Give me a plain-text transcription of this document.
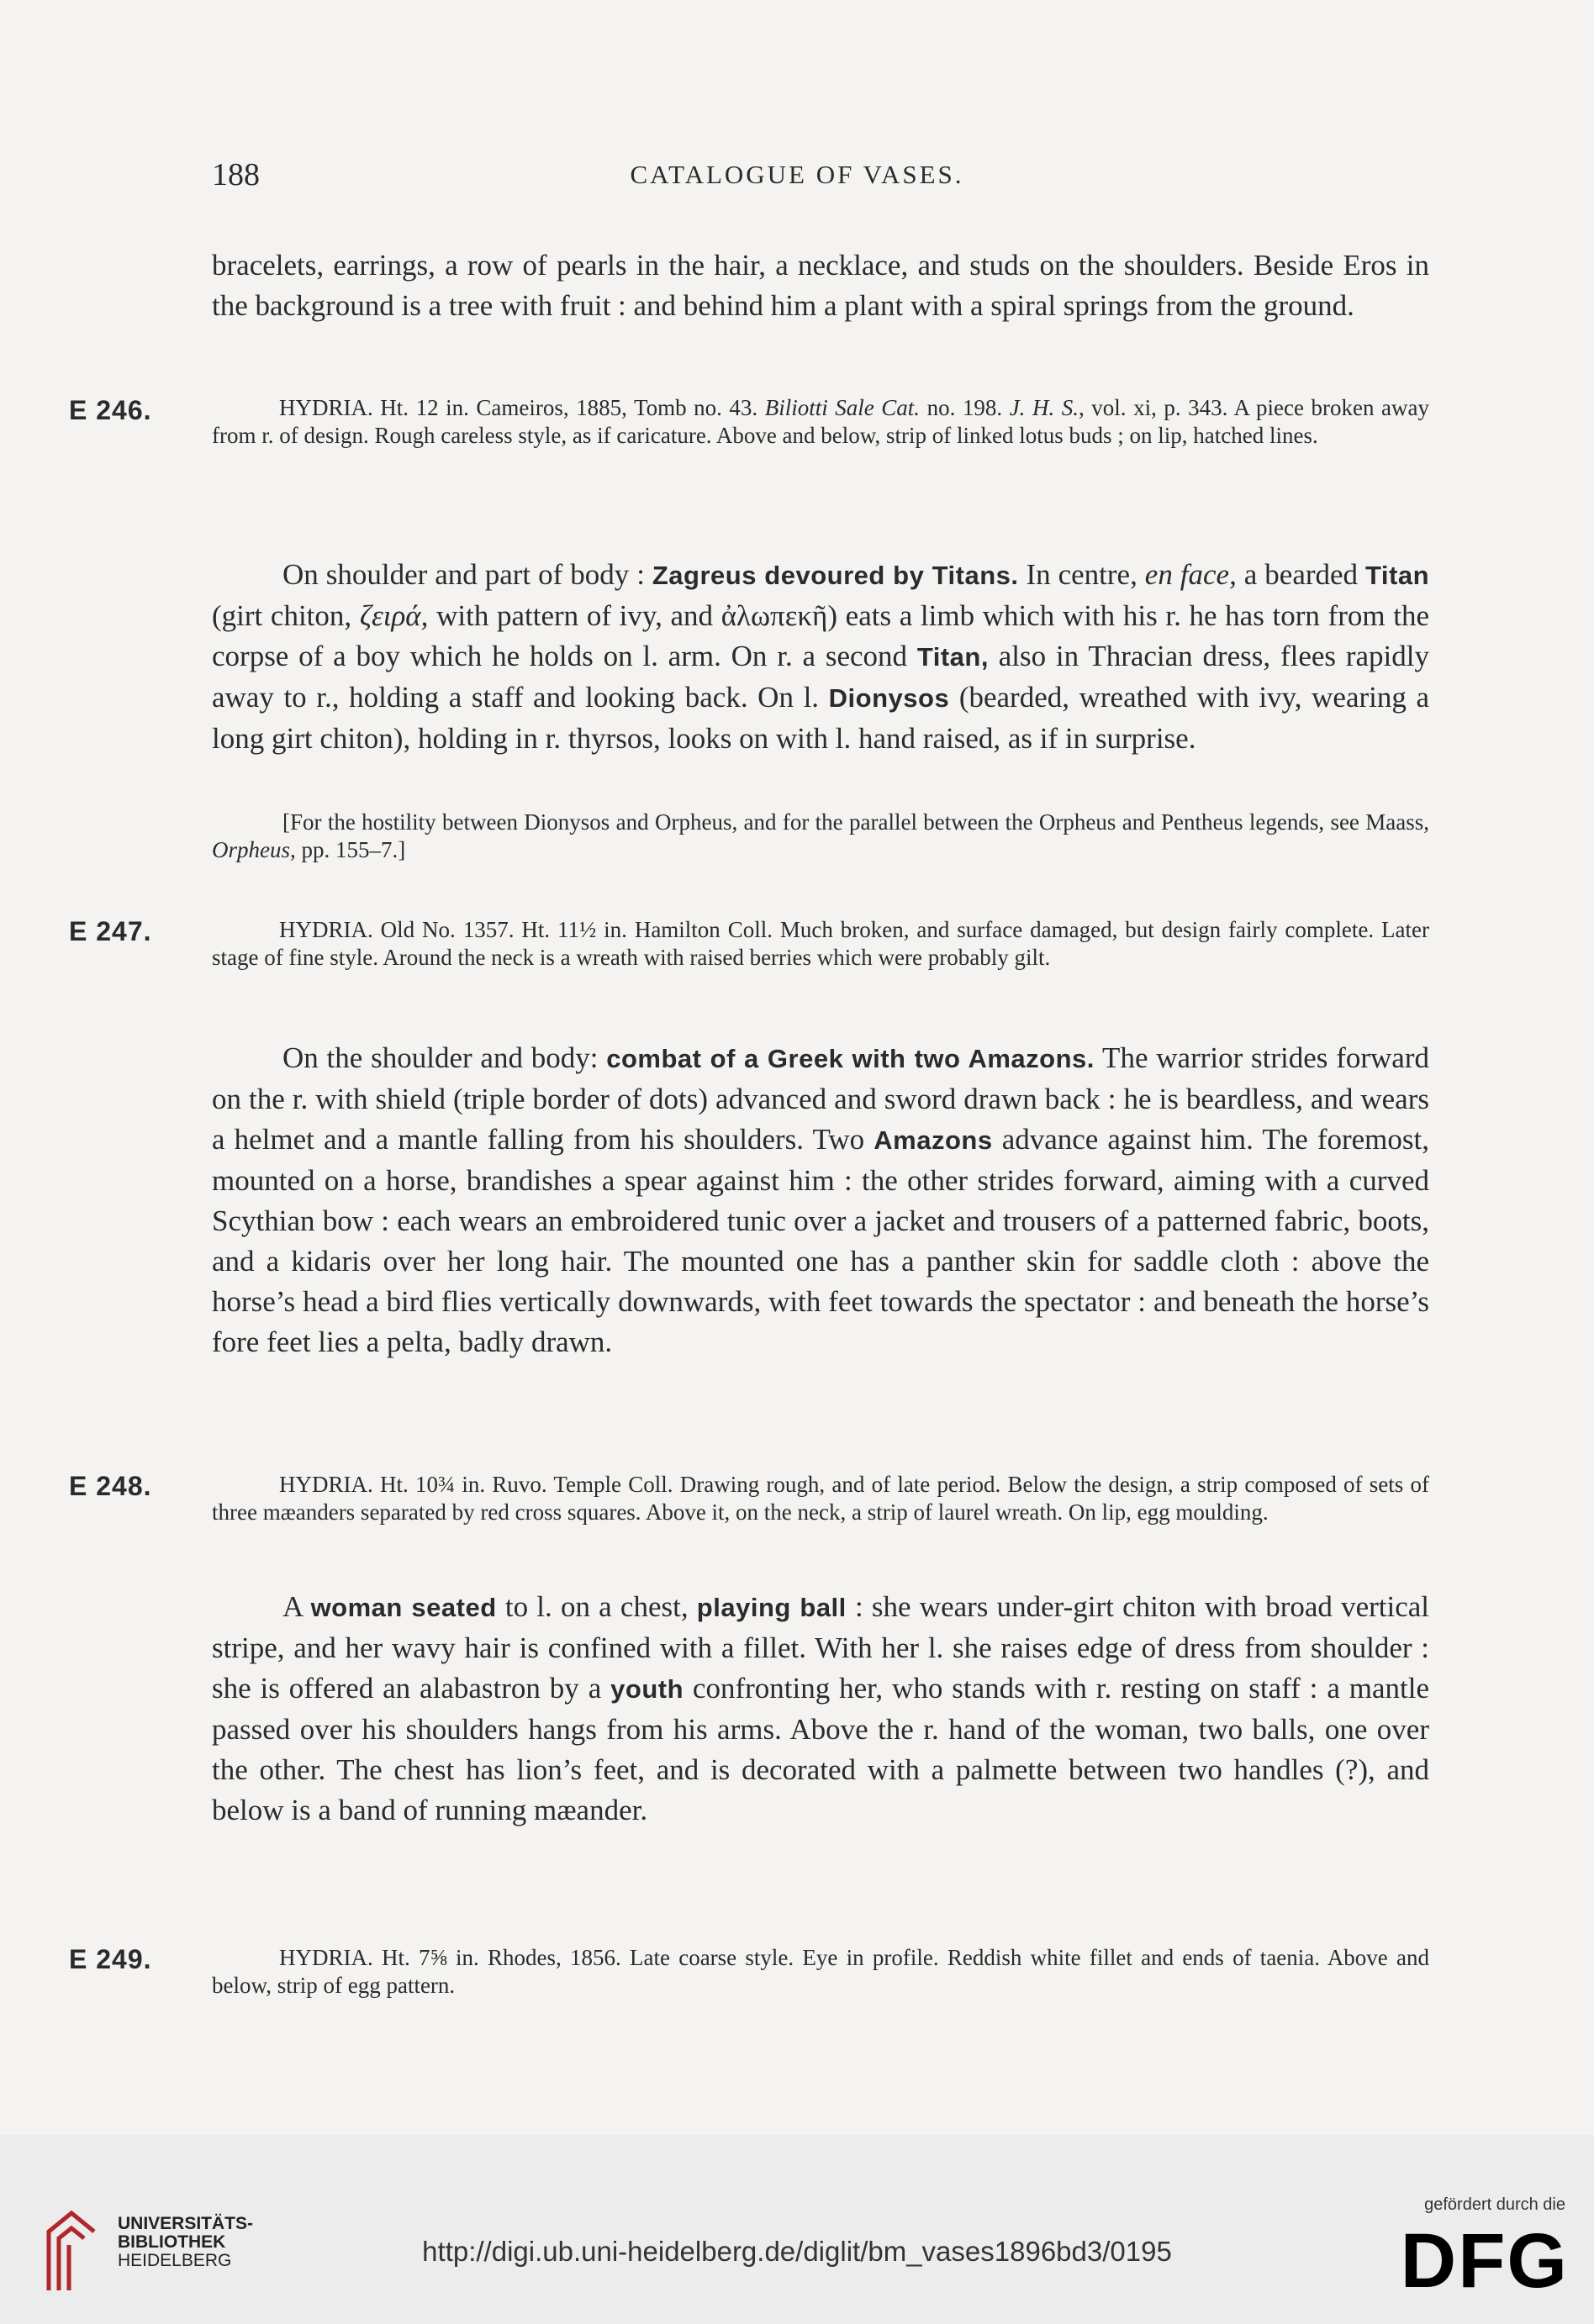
188	CATALOGUE OF VASES.

bracelets, earrings, a row of pearls in the hair, a necklace, and studs on the shoulders. Beside Eros in the background is a tree with fruit : and behind him a plant with a spiral springs from the ground.

E 246.	HYDRIA. Ht. 12 in. Cameiros, 1885, Tomb no. 43. Biliotti Sale Cat. no. 198. J. H. S., vol. xi, p. 343. A piece broken away from r. of design. Rough careless style, as if caricature. Above and below, strip of linked lotus buds ; on lip, hatched lines.

On shoulder and part of body : Zagreus devoured by Titans. In centre, en face, a bearded Titan (girt chiton, ζειρά, with pattern of ivy, and ἀλωπεκῆ) eats a limb which with his r. he has torn from the corpse of a boy which he holds on l. arm. On r. a second Titan, also in Thracian dress, flees rapidly away to r., holding a staff and looking back. On l. Dionysos (bearded, wreathed with ivy, wearing a long girt chiton), holding in r. thyrsos, looks on with l. hand raised, as if in surprise.

[For the hostility between Dionysos and Orpheus, and for the parallel between the Orpheus and Pentheus legends, see Maass, Orpheus, pp. 155–7.]

E 247.	HYDRIA. Old No. 1357. Ht. 11½ in. Hamilton Coll. Much broken, and surface damaged, but design fairly complete. Later stage of fine style. Around the neck is a wreath with raised berries which were probably gilt.

On the shoulder and body: combat of a Greek with two Amazons. The warrior strides forward on the r. with shield (triple border of dots) advanced and sword drawn back : he is beardless, and wears a helmet and a mantle falling from his shoulders. Two Amazons advance against him. The foremost, mounted on a horse, brandishes a spear against him : the other strides forward, aiming with a curved Scythian bow : each wears an embroidered tunic over a jacket and trousers of a patterned fabric, boots, and a kidaris over her long hair. The mounted one has a panther skin for saddle cloth : above the horse’s head a bird flies vertically downwards, with feet towards the spectator : and beneath the horse’s fore feet lies a pelta, badly drawn.

E 248.	HYDRIA. Ht. 10¾ in. Ruvo. Temple Coll. Drawing rough, and of late period. Below the design, a strip composed of sets of three mæanders separated by red cross squares. Above it, on the neck, a strip of laurel wreath. On lip, egg moulding.

A woman seated to l. on a chest, playing ball : she wears under-girt chiton with broad vertical stripe, and her wavy hair is confined with a fillet. With her l. she raises edge of dress from shoulder : she is offered an alabastron by a youth confronting her, who stands with r. resting on staff : a mantle passed over his shoulders hangs from his arms. Above the r. hand of the woman, two balls, one over the other. The chest has lion’s feet, and is decorated with a palmette between two handles (?), and below is a band of running mæander.

E 249.	HYDRIA. Ht. 7⅝ in. Rhodes, 1856. Late coarse style. Eye in profile. Reddish white fillet and ends of taenia. Above and below, strip of egg pattern.

UNIVERSITÄTS-
BIBLIOTHEK
HEIDELBERG	http://digi.ub.uni-heidelberg.de/diglit/bm_vases1896bd3/0195
gefördert durch die
DFG
